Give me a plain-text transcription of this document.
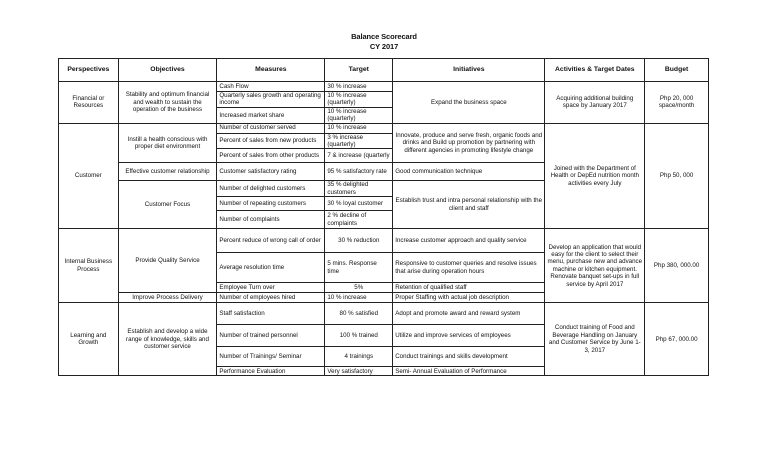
Balance Scorecard
CY 2017
Perspectives	Objectives	Measures	Target	Initiatives	Activities & Target Dates	Budget
Financial or Resources	Stability and optimum financial and wealth to sustain the operation of the business	Cash Flow	30 % increase	Expand the business space	Acquiring additional building space by January 2017	Php 20, 000 space/month
		Quarterly sales growth and operating income	10 % increase (quarterly)			
		Increased market share	10 % increase (quarterly)			
Customer	Instill a health conscious with proper diet environment	Number of customer served	10 % increase	Innovate, produce and serve fresh, organic foods and drinks and Build up promotion by partnering with different agencies in promoting lifestyle change	Joined with the Department of Health or DepEd nutrition month activities every July	Php 50, 000
		Percent of sales from new products	3 % increase (quarterly)			
		Percent of sales from other products	7 & increase (quarterly			
	Effective customer relationship	Customer satisfactory rating	95 % satisfactory rate	Good communication technique		
	Customer Focus	Number of delighted customers	35 % delighted customers	Establish trust and intra personal relationship with the client and staff		
		Number of repeating customers	30 % loyal customer			
		Number of complaints	2 % decline of complaints			
Internal Business Process	Provide Quality Service	Percent reduce of wrong call of order	30 % reduction	Increase customer approach and quality service	Develop an application that would easy for the client to select their menu, purchase new and advance machine or kitchen equipment. Renovate banquet set-ups in full service by April 2017	Php 380, 000.00
		Average resolution time	5 mins. Response time	Responsive to customer queries and resolve issues that arise during operation hours		
		Employee Turn over	5%	Retention of qualified staff		
	Improve Process Delivery	Number of employees hired	10 % increase	Proper Staffing with actual job description		
Learning and Growth	Establish and develop a wide range of knowledge, skills and customer service	Staff satisfaction	80 % satisfied	Adopt and promote award and reward system	Conduct training of Food and Beverage Handling on January and Customer Service by June 1-3, 2017	Php 67, 000.00
		Number of trained personnel	100 % trained	Utilize and improve services of employees		
		Number of Trainings/ Seminar	4 trainings	Conduct trainings and skills development		
		Performance Evaluation	Very satisfactory	Semi- Annual Evaluation of Performance		
